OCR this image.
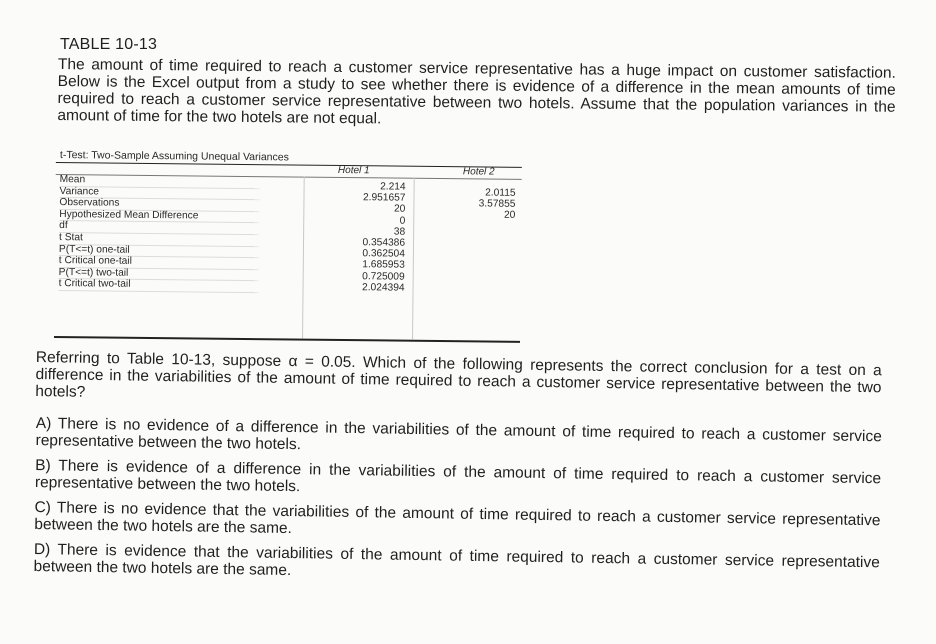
TABLE 10-13
The amount of time required to reach a customer service representative has a huge impact on customer satisfaction. Below is the Excel output from a study to see whether there is evidence of a difference in the mean amounts of time required to reach a customer service representative between two hotels. Assume that the population variances in the amount of time for the two hotels are not equal.
t-Test: Two-Sample Assuming Unequal Variances
Hotel 1	Hotel 2
Mean
Variance
Observations
Hypothesized Mean Difference
df
t Stat
P(T<=t) one-tail
t Critical one-tail
P(T<=t) two-tail
t Critical two-tail
2.214
2.951657
20
0
38
0.354386
0.362504
1.685953
0.725009
2.024394
2.0115
3.57855
20
Referring to Table 10-13, suppose α = 0.05. Which of the following represents the correct conclusion for a test on a difference in the variabilities of the amount of time required to reach a customer service representative between the two hotels?
A) There is no evidence of a difference in the variabilities of the amount of time required to reach a customer service representative between the two hotels.
B) There is evidence of a difference in the variabilities of the amount of time required to reach a customer service representative between the two hotels.
C) There is no evidence that the variabilities of the amount of time required to reach a customer service representative between the two hotels are the same.
D) There is evidence that the variabilities of the amount of time required to reach a customer service representative between the two hotels are the same.
